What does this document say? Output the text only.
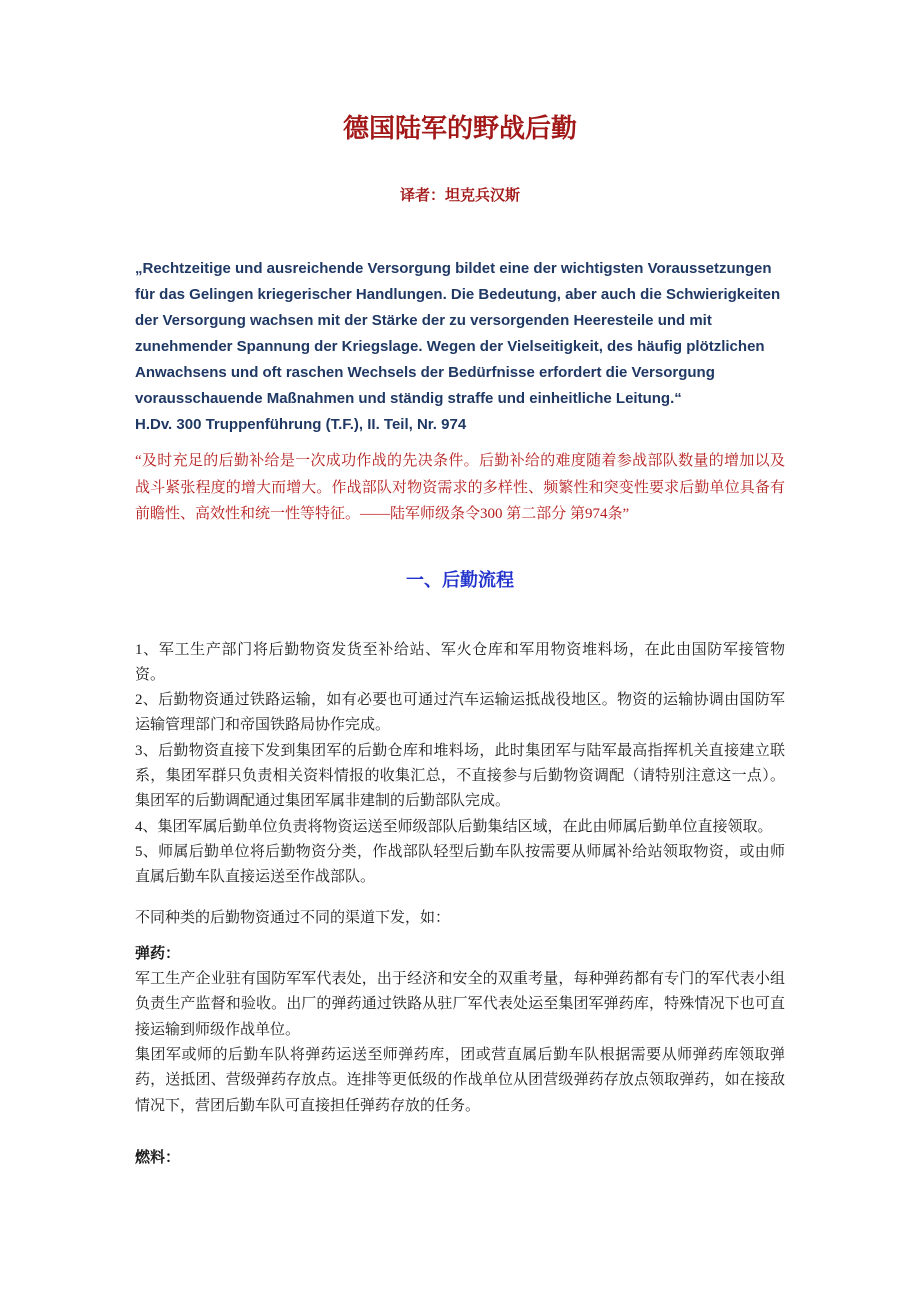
德国陆军的野战后勤

译者：坦克兵汉斯

„Rechtzeitige und ausreichende Versorgung bildet eine der wichtigsten Voraussetzungen für das Gelingen kriegerischer Handlungen. Die Bedeutung, aber auch die Schwierigkeiten der Versorgung wachsen mit der Stärke der zu versorgenden Heeresteile und mit zunehmender Spannung der Kriegslage. Wegen der Vielseitigkeit, des häufig plötzlichen Anwachsens und oft raschen Wechsels der Bedürfnisse erfordert die Versorgung vorausschauende Maßnahmen und ständig straffe und einheitliche Leitung.“

H.Dv. 300 Truppenführung (T.F.), II. Teil, Nr. 974

“及时充足的后勤补给是一次成功作战的先决条件。后勤补给的难度随着参战部队数量的增加以及战斗紧张程度的增大而增大。作战部队对物资需求的多样性、频繁性和突变性要求后勤单位具备有前瞻性、高效性和统一性等特征。——陆军师级条令300 第二部分 第974条”

一、后勤流程

1、军工生产部门将后勤物资发货至补给站、军火仓库和军用物资堆料场，在此由国防军接管物资。

2、后勤物资通过铁路运输，如有必要也可通过汽车运输运抵战役地区。物资的运输协调由国防军运输管理部门和帝国铁路局协作完成。

3、后勤物资直接下发到集团军的后勤仓库和堆料场，此时集团军与陆军最高指挥机关直接建立联系，集团军群只负责相关资料情报的收集汇总，不直接参与后勤物资调配（请特别注意这一点）。集团军的后勤调配通过集团军属非建制的后勤部队完成。

4、集团军属后勤单位负责将物资运送至师级部队后勤集结区域，在此由师属后勤单位直接领取。

5、师属后勤单位将后勤物资分类，作战部队轻型后勤车队按需要从师属补给站领取物资，或由师直属后勤车队直接运送至作战部队。

不同种类的后勤物资通过不同的渠道下发，如：

弹药：

军工生产企业驻有国防军军代表处，出于经济和安全的双重考量，每种弹药都有专门的军代表小组负责生产监督和验收。出厂的弹药通过铁路从驻厂军代表处运至集团军弹药库，特殊情况下也可直接运输到师级作战单位。

集团军或师的后勤车队将弹药运送至师弹药库，团或营直属后勤车队根据需要从师弹药库领取弹药，送抵团、营级弹药存放点。连排等更低级的作战单位从团营级弹药存放点领取弹药，如在接敌情况下，营团后勤车队可直接担任弹药存放的任务。

燃料：
